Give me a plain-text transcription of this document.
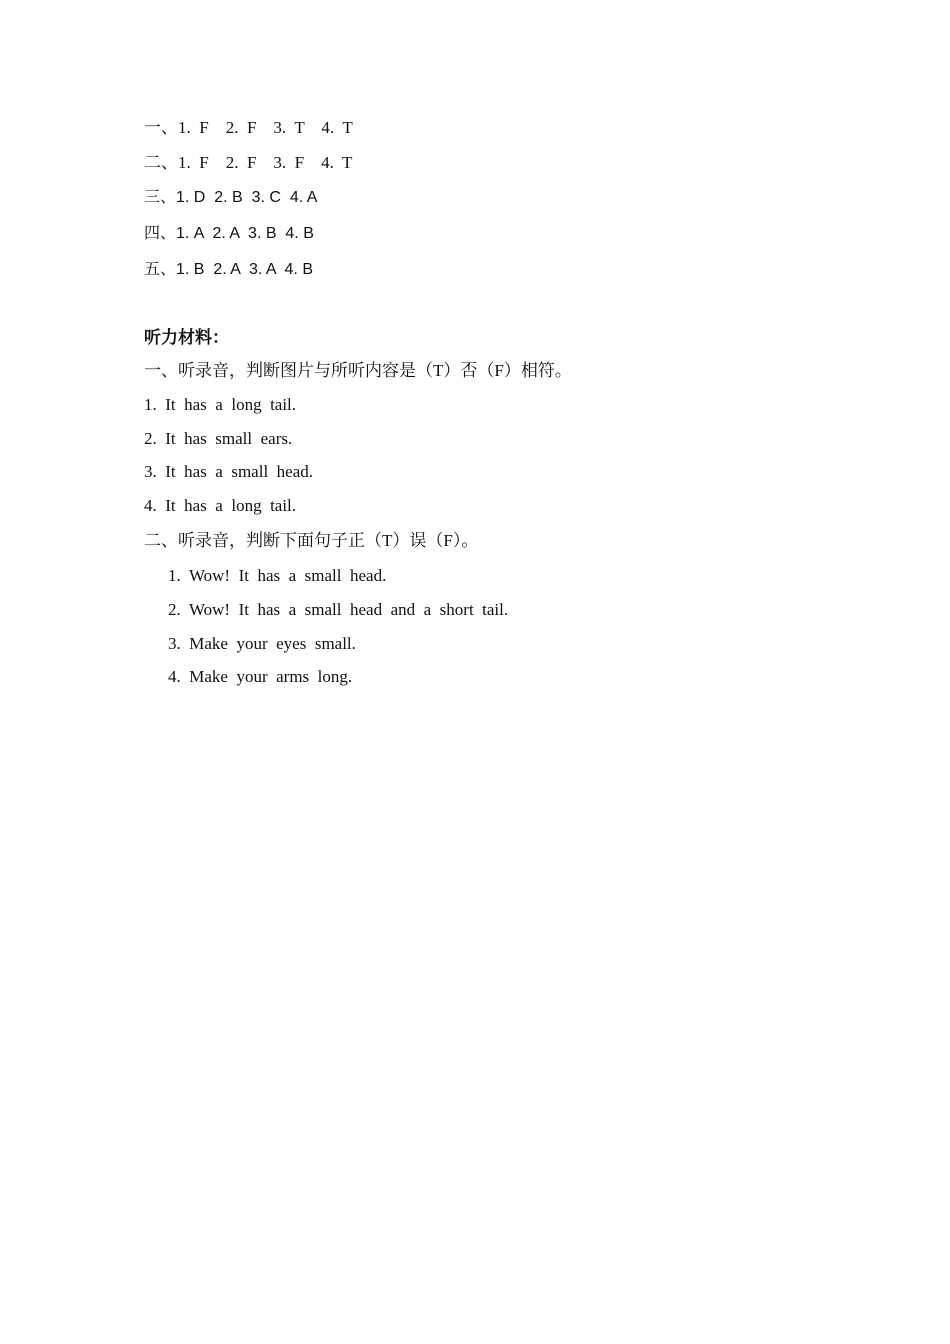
一、1.  F    2.  F    3.  T    4.  T
二、1.  F    2.  F    3.  F    4.  T
三、1. D  2. B  3. C  4. A
四、1. A  2. A  3. B  4. B
五、1. B  2. A  3. A  4. B
听力材料：
一、听录音，判断图片与所听内容是（T）否（F）相符。
1.  It  has  a  long  tail.
2.  It  has  small  ears.
3.  It  has  a  small  head.
4.  It  has  a  long  tail.
二、听录音，判断下面句子正（T）误（F）。
1.  Wow!  It  has  a  small  head.
2.  Wow!  It  has  a  small  head  and  a  short  tail.
3.  Make  your  eyes  small.
4.  Make  your  arms  long.
